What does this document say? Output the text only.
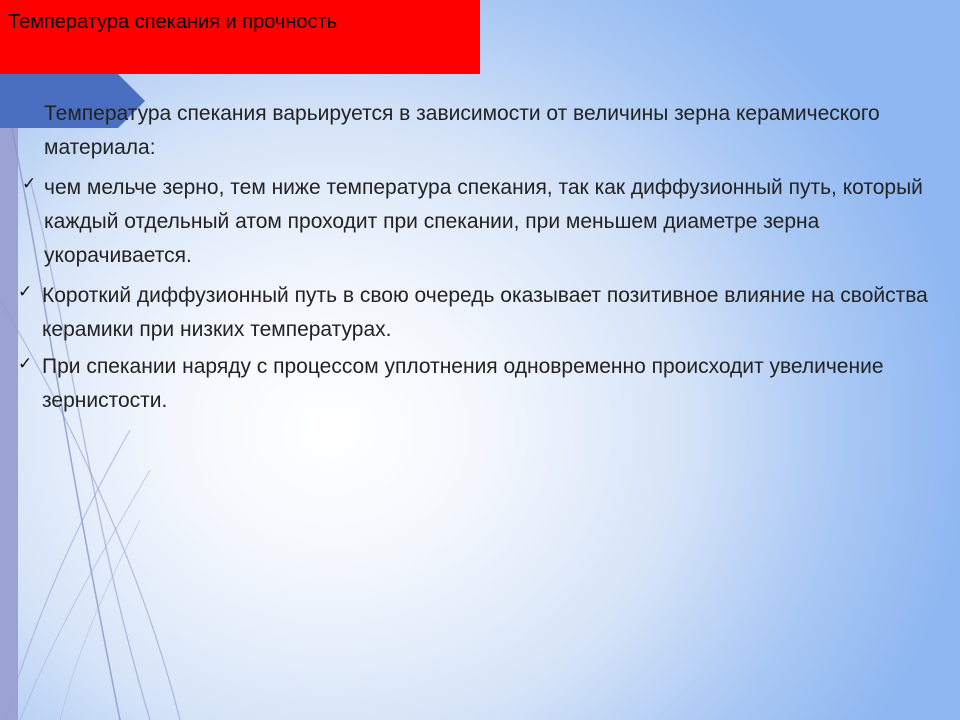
Температура спекания и прочность

Температура спекания варьируется в зависимости от величины зерна керамического материала:

✓ чем мельче зерно, тем ниже температура спекания, так как диффузионный путь, который каждый отдельный атом проходит при спекании, при меньшем диаметре зерна укорачивается.

✓ Короткий диффузионный путь в свою очередь оказывает позитивное влияние на свойства керамики при низких температурах.

✓ При спекании наряду с процессом уплотнения одновременно происходит увеличение зернистости.
